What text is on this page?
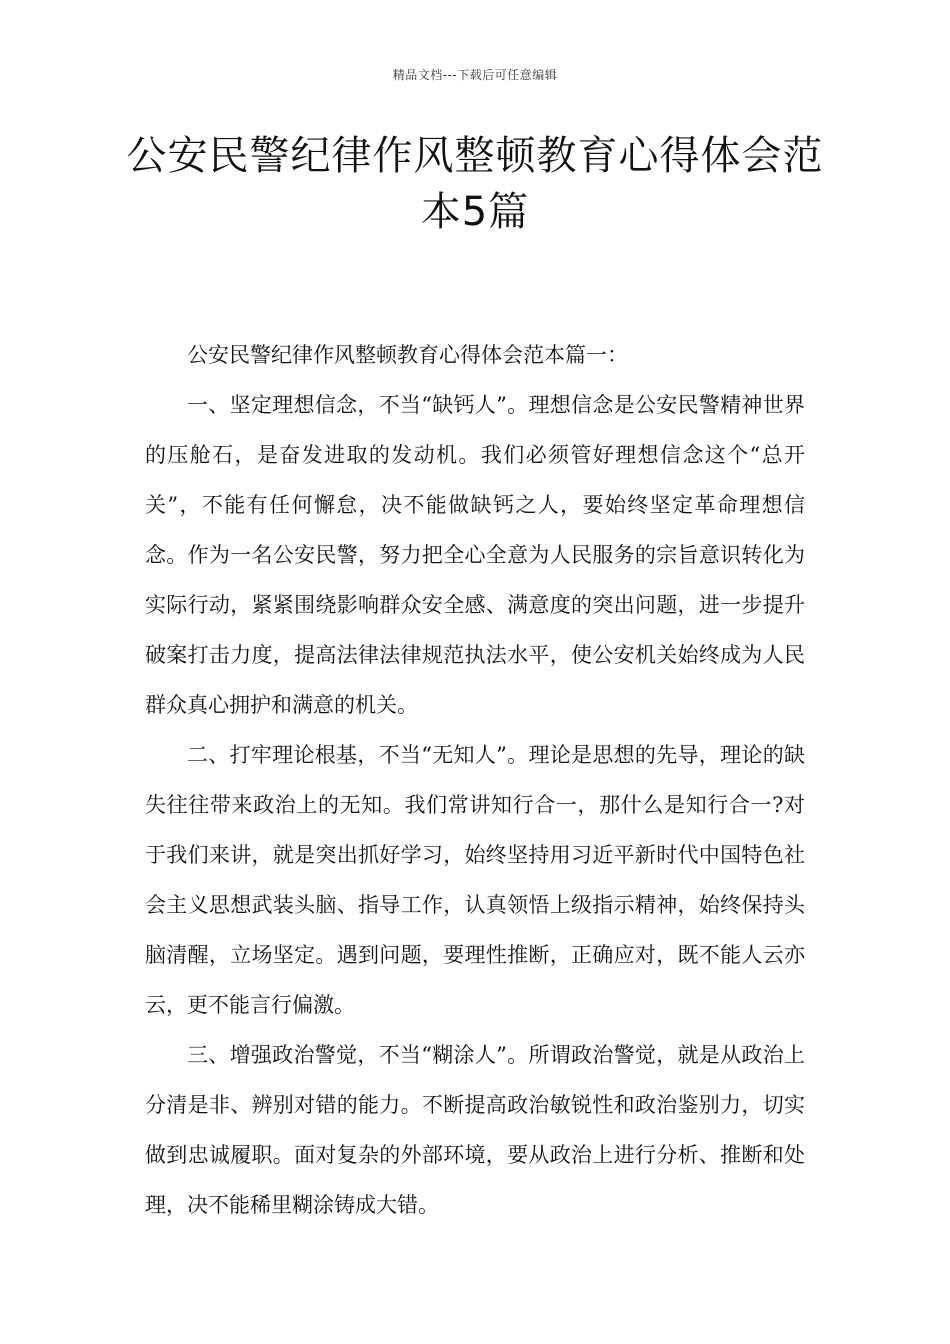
精品文档---下载后可任意编辑
公安民警纪律作风整顿教育心得体会范本5篇

公安民警纪律作风整顿教育心得体会范本篇一：

一、坚定理想信念，不当“缺钙人”。理想信念是公安民警精神世界的压舱石，是奋发进取的发动机。我们必须管好理想信念这个“总开关”，不能有任何懈怠，决不能做缺钙之人，要始终坚定革命理想信念。作为一名公安民警，努力把全心全意为人民服务的宗旨意识转化为实际行动，紧紧围绕影响群众安全感、满意度的突出问题，进一步提升破案打击力度，提高法律法律规范执法水平，使公安机关始终成为人民群众真心拥护和满意的机关。

二、打牢理论根基，不当“无知人”。理论是思想的先导，理论的缺失往往带来政治上的无知。我们常讲知行合一，那什么是知行合一?对于我们来讲，就是突出抓好学习，始终坚持用习近平新时代中国特色社会主义思想武装头脑、指导工作，认真领悟上级指示精神，始终保持头脑清醒，立场坚定。遇到问题，要理性推断，正确应对，既不能人云亦云，更不能言行偏激。

三、增强政治警觉，不当“糊涂人”。所谓政治警觉，就是从政治上分清是非、辨别对错的能力。不断提高政治敏锐性和政治鉴别力，切实做到忠诚履职。面对复杂的外部环境，要从政治上进行分析、推断和处理，决不能稀里糊涂铸成大错。
